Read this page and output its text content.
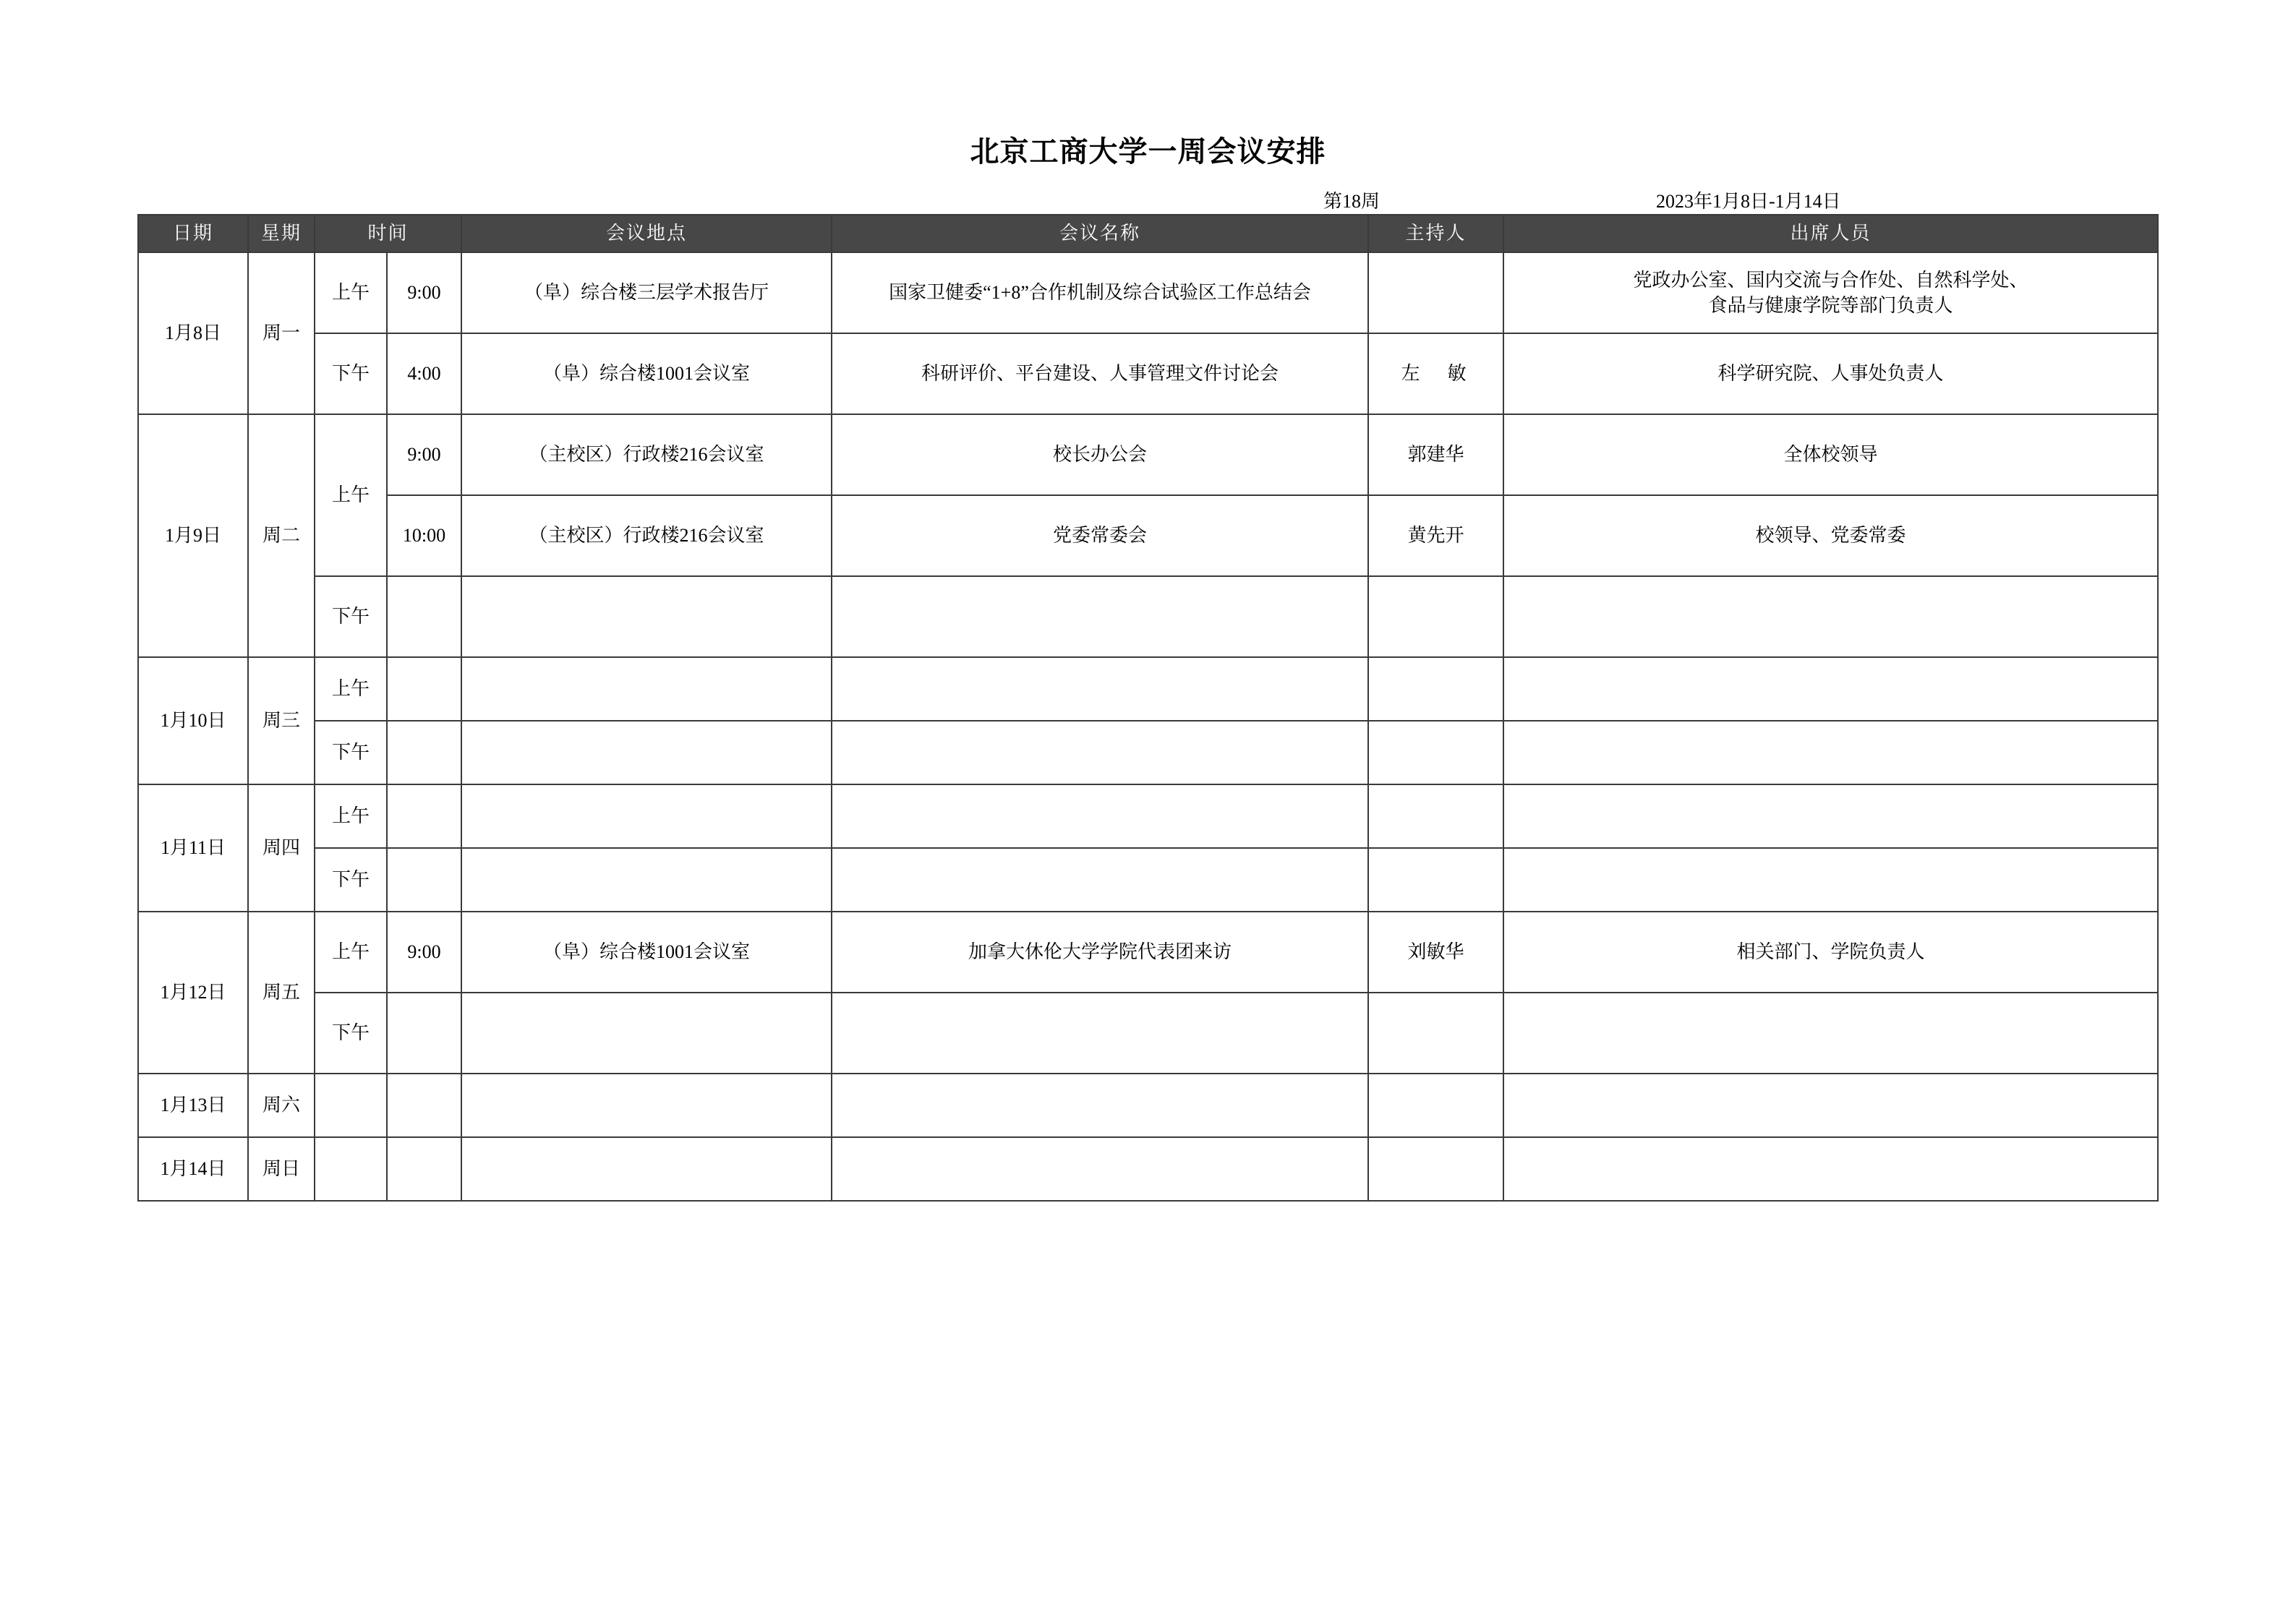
北京工商大学一周会议安排
第18周	2023年1月8日-1月14日
日期	星期	时间		会议地点	会议名称	主持人	出席人员
1月8日	周一	上午	9:00	（阜）综合楼三层学术报告厅	国家卫健委“1+8”合作机制及综合试验区工作总结会		党政办公室、国内交流与合作处、自然科学处、
食品与健康学院等部门负责人

		下午	4:00	（阜）综合楼1001会议室	科研评价、平台建设、人事管理文件讨论会	左　敏	科学研究院、人事处负责人
1月9日	周二	上午	9:00	（主校区）行政楼216会议室	校长办公会	郭建华	全体校领导
			10:00	（主校区）行政楼216会议室	党委常委会	黄先开	校领导、党委常委
		下午					
1月10日	周三	上午					
		下午					
1月11日	周四	上午					
		下午					
1月12日	周五	上午	9:00	（阜）综合楼1001会议室	加拿大休伦大学学院代表团来访	刘敏华	相关部门、学院负责人
		下午					
1月13日	周六						
1月14日	周日						
